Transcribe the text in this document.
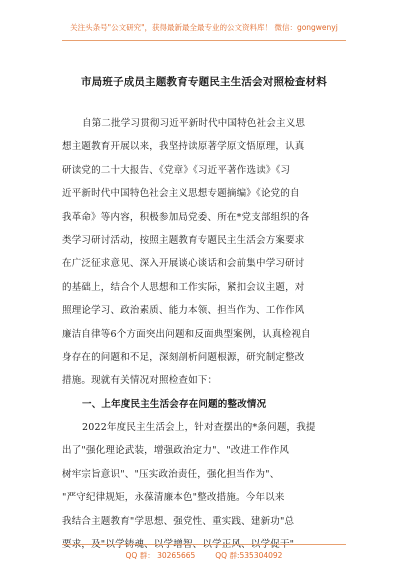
关注头条号"公文研究"，获得最新最全最专业的公文资料库！ 微信：gongwenyj
市局班子成员主题教育专题民主生活会对照检查材料
自第二批学习贯彻习近平新时代中国特色社会主义思
想主题教育开展以来，我坚持读原著学原文悟原理，认真
研读党的二十大报告、《党章》《习近平著作选读》《习
近平新时代中国特色社会主义思想专题摘编》《论党的自
我革命》等内容，积极参加局党委、所在*党支部组织的各
类学习研讨活动，按照主题教育专题民主生活会方案要求
在广泛征求意见、深入开展谈心谈话和会前集中学习研讨
的基础上，结合个人思想和工作实际，紧扣会议主题，对
照理论学习、政治素质、能力本领、担当作为、工作作风
廉洁自律等6个方面突出问题和反面典型案例，认真检视自
身存在的问题和不足，深刻剖析问题根源，研究制定整改
措施。现就有关情况对照检查如下：
一、上年度民主生活会存在问题的整改情况
2022年度民主生活会上，针对查摆出的*条问题，我提
出了"强化理论武装，增强政治定力"、"改进工作作风
树牢宗旨意识"、"压实政治责任，强化担当作为"、
"严守纪律规矩，永葆清廉本色"整改措施。今年以来
我结合主题教育"学思想、强党性、重实践、建新功"总
要求，及"以学铸魂、以学增智、以学正风、以学促干"
QQ 群： 30265665	QQ 群:535304092
